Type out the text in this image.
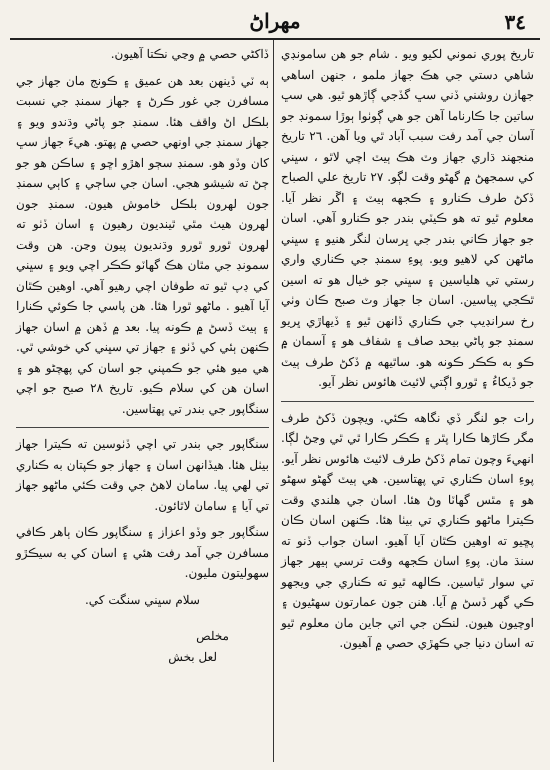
مهراڻ	٣٤

تاريخ پوري نموني لکيو ويو . شام جو هن سامونڊي شاهي دستي جي هڪ جهاز ملمو ، جنهن اساهي جهازن روشني ڏني سڀ گڏجي ڳاڙهو ٿيو. هي سڀ ساتين جا ڪارناما آهن جو هي ڳوٺوا ٻوڙا سمونڊ جو آسان جي آمد رفت سبب آباد ٿي ويا آهن. ٢٦ تاريخ منجهند ڌاري جهاز وٽ هڪ ٻيٽ اچي لاٿو ، سڀني کي سمجهڻ ۾ گهڻو وقت لڳو. ٢٧ تاريخ علي الصباح ڏکڻ طرف ڪنارو ۽ ڪجهه ٻيٽ ۽ اڱر نظر آيا. معلوم ٿيو ته هو ڪيٽي بندر جو ڪنارو آهي. اسان جو جهاز ڪاني بندر جي ڀرسان لنگر هنيو ۽ سڀني ماڻهن کي لاهيو ويو. پوءِ سمنڊ جي ڪناري واري رستي تي هلياسين ۽ سڀني جو خيال هو ته اسين ٿڪجي پياسين. اسان جا جهاز وٽ صبح ڪان وٺي رخ سرانڊيپ جي ڪناري ڏانهن ٿيو ۽ ڏيهاڙي ڀريو سمنڊ جو پاڻي بيحد صاف ۽ شفاف هو ۽ آسمان ۾ ڪو به ڪڪر ڪونه هو. ساٿيهه ۾ ڏکڻ طرف ٻيٽ جو ڏيکاءُ ۽ ٿورو اڳتي لائيٽ هائوس نظر آيو.

رات جو لنگر ڏي نگاهه ڪئي. ويچون ڏکڻ طرف مگر ڪاڙها ڪارا پٿر ۽ ڪڪر ڪارا ٿي ٿي وڃڻ لڳا. انهيءَ وچون تمام ڏکڻ طرف لائيٽ هائوس نظر آيو. پوءِ اسان ڪناري تي پهتاسين. هي ٻيٽ گهڻو سهڻو هو ۽ مٿس گهاٽا وڻ هئا. اسان جي هلندي وقت ڪيترا ماڻهو ڪناري تي بيٺا هئا. ڪنهن اسان ڪان پڇيو ته اوهين ڪٿان آيا آهيو. اسان جواب ڏنو ته سنڌ مان. پوءِ اسان ڪجهه وقت ترسي ٻيهر جهاز تي سوار ٿياسين. ڪالهه ٿيو ته ڪناري جي ويجهو ڪي گهر ڏسڻ ۾ آيا. هنن جون عمارتون سهڻيون ۽ اوچيون هيون. لنڪن جي اتي جاين مان معلوم ٿيو ته اسان دنيا جي ڪهڙي حصي ۾ آهيون.

ڏاکڻي حصي ۾ وڃي نڪتا آهيون.

ٻه ٽي ڏينهن بعد هن عميق ۽ ڪونج مان جهاز جي مسافرن جي غور ڪرڻ ۽ جهاز سمنڊ جي نسبت بلڪل اڻ واقف هئا. سمنڊ جو پاڻي وڌندو ويو ۽ جهاز سمنڊ جي اونهي حصي ۾ پهتو. هيءَ جهاز سڀ کان وڏو هو. سمنڊ سڄو اهڙو اڇو ۽ ساڪن هو جو ڄڻ ته شيشو هجي. اسان جي ساڄي ۽ کاٻي سمنڊ جون لهرون بلڪل خاموش هيون. سمنڊ جون لهرون هيٺ مٿي ٿينديون رهيون ۽ اسان ڏٺو ته لهرون ٿورو ٿورو وڌنديون پيون وڃن. هن وقت سمونڊ جي مٿان هڪ گهاٽو ڪڪر اچي ويو ۽ سڀني کي ڊپ ٿيو ته طوفان اچي رهيو آهي. اوهين ڪٿان آيا آهيو . ماڻهو ٿورا هئا. هن پاسي جا ڪوئي ڪنارا ۽ ٻيٽ ڏسڻ ۾ ڪونه پيا. بعد ۾ ڏهن ۾ اسان جهاز ڪنهن ٻئي کي ڏٺو ۽ جهاز تي سڀني کي خوشي ٿي. هي ميو هئي جو ڪمپني جو اسان کي پهچڻو هو ۽ اسان هن کي سلام ڪيو. تاريخ ٢٨ صبح جو اچي سنگاپور جي بندر تي پهتاسين.

سنگاپور جي بندر تي اچي ڏٺوسين ته ڪيترا جهاز بيٺل هئا. هيڏانهن اسان ۽ جهاز جو ڪپتان به ڪناري تي لهي پيا. سامان لاهڻ جي وقت ڪئي ماڻهو جهاز تي آيا ۽ سامان لاٿائون.

سنگاپور جو وڏو اعزاز ۽ سنگاپور ڪان ٻاهر ڪافي مسافرن جي آمد رفت هئي ۽ اسان کي به سيڪڙو سهوليتون مليون.

سلام سڀني سنگت کي.
مخلص
لعل بخش
